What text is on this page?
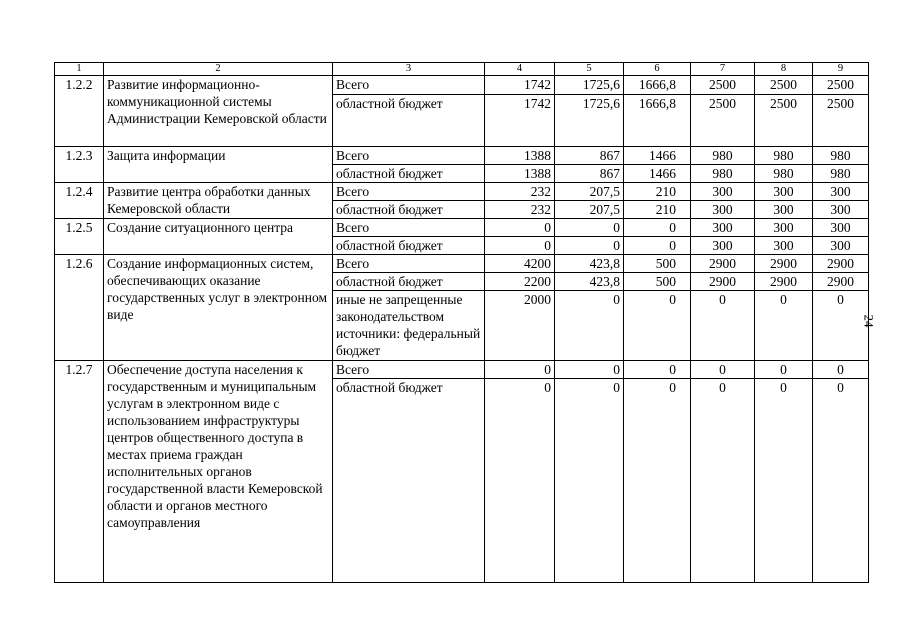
1	2	3	4	5	6	7	8	9
1.2.2	Развитие информационно-коммуникационной системы Администрации Кемеровской области	Всего	1742	1725,6	1666,8	2500	2500	2500
		областной бюджет	1742	1725,6	1666,8	2500	2500	2500
1.2.3	Защита информации	Всего	1388	867	1466	980	980	980
		областной бюджет	1388	867	1466	980	980	980
1.2.4	Развитие центра обработки данных Кемеровской области	Всего	232	207,5	210	300	300	300
		областной бюджет	232	207,5	210	300	300	300
1.2.5	Создание ситуационного центра	Всего	0	0	0	300	300	300
		областной бюджет	0	0	0	300	300	300
1.2.6	Создание информационных систем, обеспечивающих оказание государственных услуг в электронном виде	Всего	4200	423,8	500	2900	2900	2900
		областной бюджет	2200	423,8	500	2900	2900	2900
		иные не запрещенные законодательством источники: федеральный бюджет	2000	0	0	0	0	0
1.2.7	Обеспечение доступа населения к государственным и муниципальным услугам в электронном виде с использованием инфраструктуры центров общественного доступа в местах приема граждан исполнительных органов государственной власти Кемеровской области и органов местного самоуправления	Всего	0	0	0	0	0	0
		областной бюджет	0	0	0	0	0	0
24
